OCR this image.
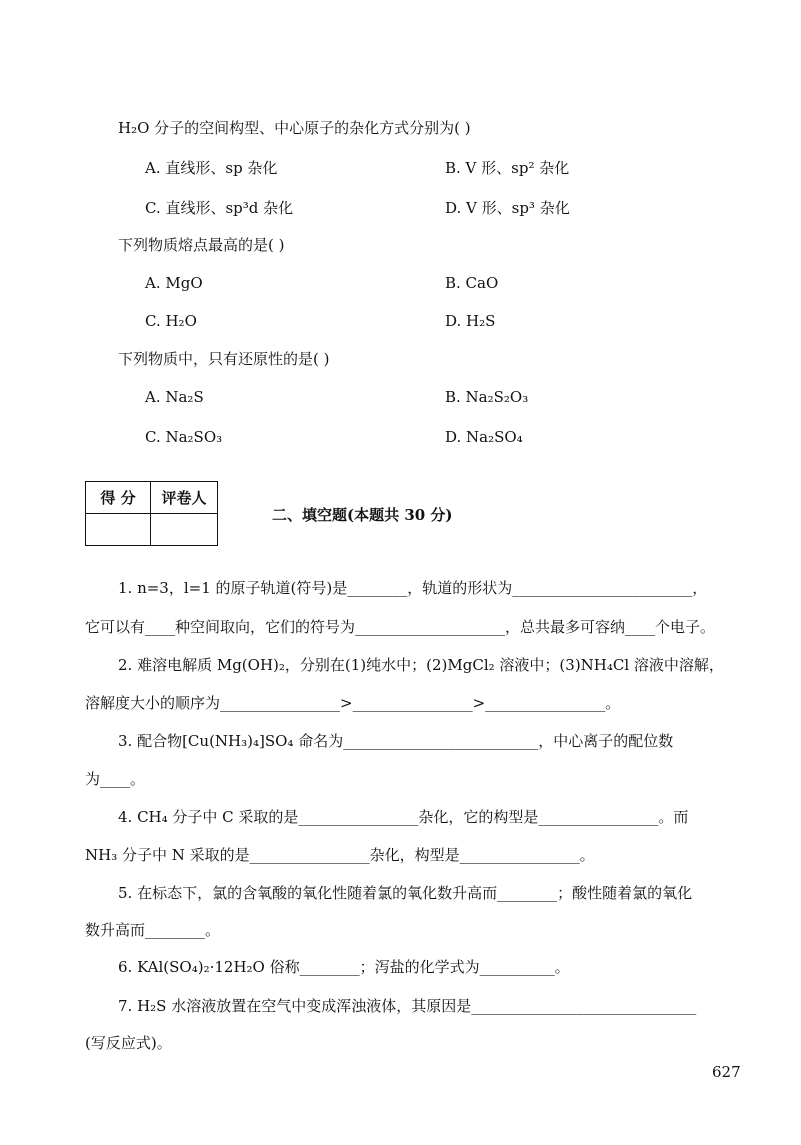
H₂O 分子的空间构型、中心原子的杂化方式分别为( )
A. 直线形、sp 杂化	B. V 形、sp² 杂化
C. 直线形、sp³d 杂化	D. V 形、sp³ 杂化
下列物质熔点最高的是( )
A. MgO	B. CaO
C. H₂O	D. H₂S
下列物质中，只有还原性的是( )
A. Na₂S	B. Na₂S₂O₃
C. Na₂SO₃	D. Na₂SO₄
得 分	评卷人

二、填空题(本题共 30 分)
1. n=3，l=1 的原子轨道(符号)是________，轨道的形状为________________________，
它可以有____种空间取向，它们的符号为____________________，总共最多可容纳____个电子。
2. 难溶电解质 Mg(OH)₂，分别在(1)纯水中；(2)MgCl₂ 溶液中；(3)NH₄Cl 溶液中溶解，
溶解度大小的顺序为________________>________________>________________。
3. 配合物[Cu(NH₃)₄]SO₄ 命名为__________________________，中心离子的配位数
为____。
4. CH₄ 分子中 C 采取的是________________杂化，它的构型是________________。而
NH₃ 分子中 N 采取的是________________杂化，构型是________________。
5. 在标态下，氯的含氧酸的氧化性随着氯的氧化数升高而________；酸性随着氯的氧化
数升高而________。
6. KAl(SO₄)₂·12H₂O 俗称________；泻盐的化学式为__________。
7. H₂S 水溶液放置在空气中变成浑浊液体，其原因是______________________________
(写反应式)。
627
